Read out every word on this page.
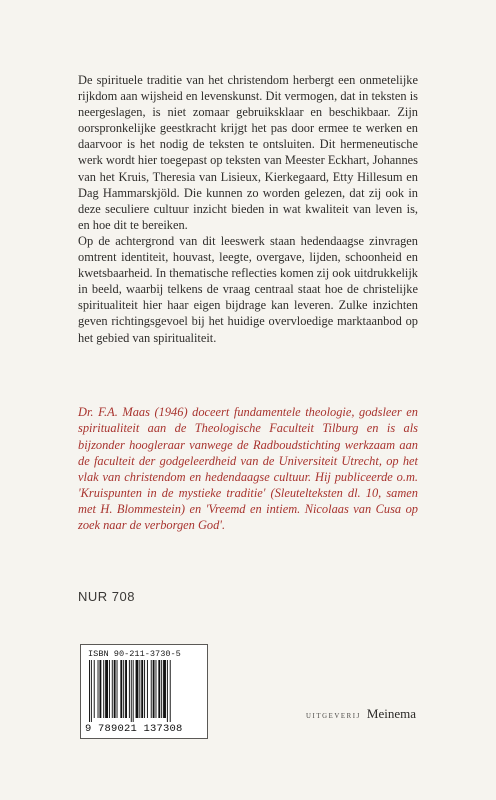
De spirituele traditie van het christendom herbergt een onmetelijke rijkdom aan wijsheid en levenskunst. Dit vermogen, dat in teksten is neergeslagen, is niet zomaar gebruiksklaar en beschikbaar. Zijn oorspronkelijke geestkracht krijgt het pas door ermee te werken en daarvoor is het nodig de teksten te ontsluiten. Dit hermeneutische werk wordt hier toegepast op teksten van Meester Eckhart, Johannes van het Kruis, Theresia van Lisieux, Kierkegaard, Etty Hillesum en Dag Hammarskjöld. Die kunnen zo worden gelezen, dat zij ook in deze seculiere cultuur inzicht bieden in wat kwaliteit van leven is, en hoe dit te bereiken.

Op de achtergrond van dit leeswerk staan hedendaagse zinvragen omtrent identiteit, houvast, leegte, overgave, lijden, schoonheid en kwetsbaarheid. In thematische reflecties komen zij ook uitdrukkelijk in beeld, waarbij telkens de vraag centraal staat hoe de christelijke spiritualiteit hier haar eigen bijdrage kan leveren. Zulke inzichten geven richtingsgevoel bij het huidige overvloedige marktaanbod op het gebied van spiritualiteit.

Dr. F.A. Maas (1946) doceert fundamentele theologie, godsleer en spiritualiteit aan de Theologische Faculteit Tilburg en is als bijzonder hoogleraar vanwege de Radboudstichting werkzaam aan de faculteit der godgeleerdheid van de Universiteit Utrecht, op het vlak van christendom en hedendaagse cultuur. Hij publiceerde o.m. 'Kruispunten in de mystieke traditie' (Sleutelteksten dl. 10, samen met H. Blommestein) en 'Vreemd en intiem. Nicolaas van Cusa op zoek naar de verborgen God'.

NUR 708
ISBN 90-211-3730-5
9 789021 137308
UITGEVERIJ Meinema
